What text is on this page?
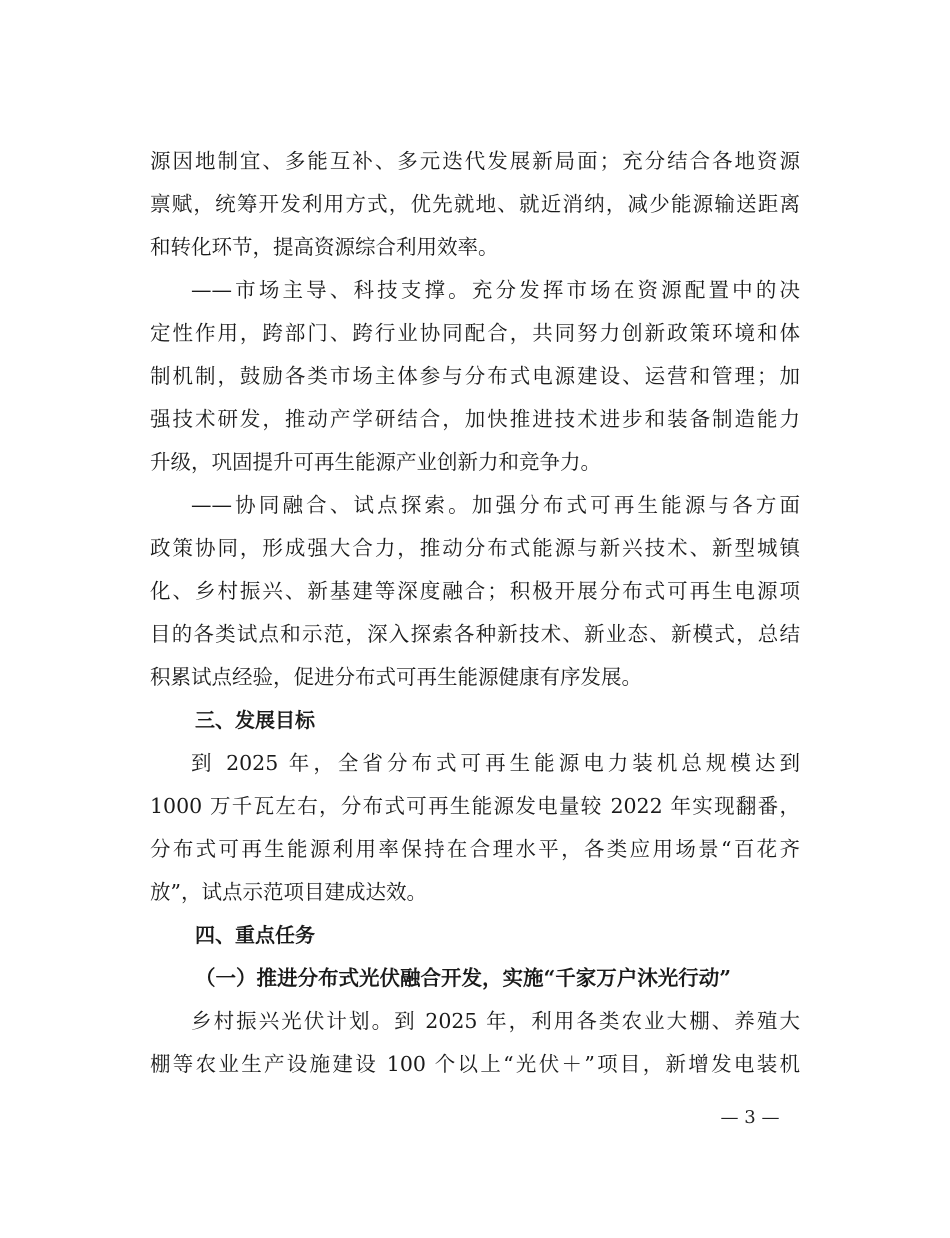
源因地制宜、多能互补、多元迭代发展新局面；充分结合各地资源
禀赋，统筹开发利用方式，优先就地、就近消纳，减少能源输送距离
和转化环节，提高资源综合利用效率。
——市场主导、科技支撑。充分发挥市场在资源配置中的决
定性作用，跨部门、跨行业协同配合，共同努力创新政策环境和体
制机制，鼓励各类市场主体参与分布式电源建设、运营和管理；加
强技术研发，推动产学研结合，加快推进技术进步和装备制造能力
升级，巩固提升可再生能源产业创新力和竞争力。
——协同融合、试点探索。加强分布式可再生能源与各方面
政策协同，形成强大合力，推动分布式能源与新兴技术、新型城镇
化、乡村振兴、新基建等深度融合；积极开展分布式可再生电源项
目的各类试点和示范，深入探索各种新技术、新业态、新模式，总结
积累试点经验，促进分布式可再生能源健康有序发展。
三、发展目标
到 2025 年，全省分布式可再生能源电力装机总规模达到
1000 万千瓦左右，分布式可再生能源发电量较 2022 年实现翻番，
分布式可再生能源利用率保持在合理水平，各类应用场景“百花齐
放”，试点示范项目建成达效。
四、重点任务
（一）推进分布式光伏融合开发，实施“千家万户沐光行动”
乡村振兴光伏计划。到 2025 年，利用各类农业大棚、养殖大
棚等农业生产设施建设 100 个以上“光伏＋”项目，新增发电装机
— 3 —
